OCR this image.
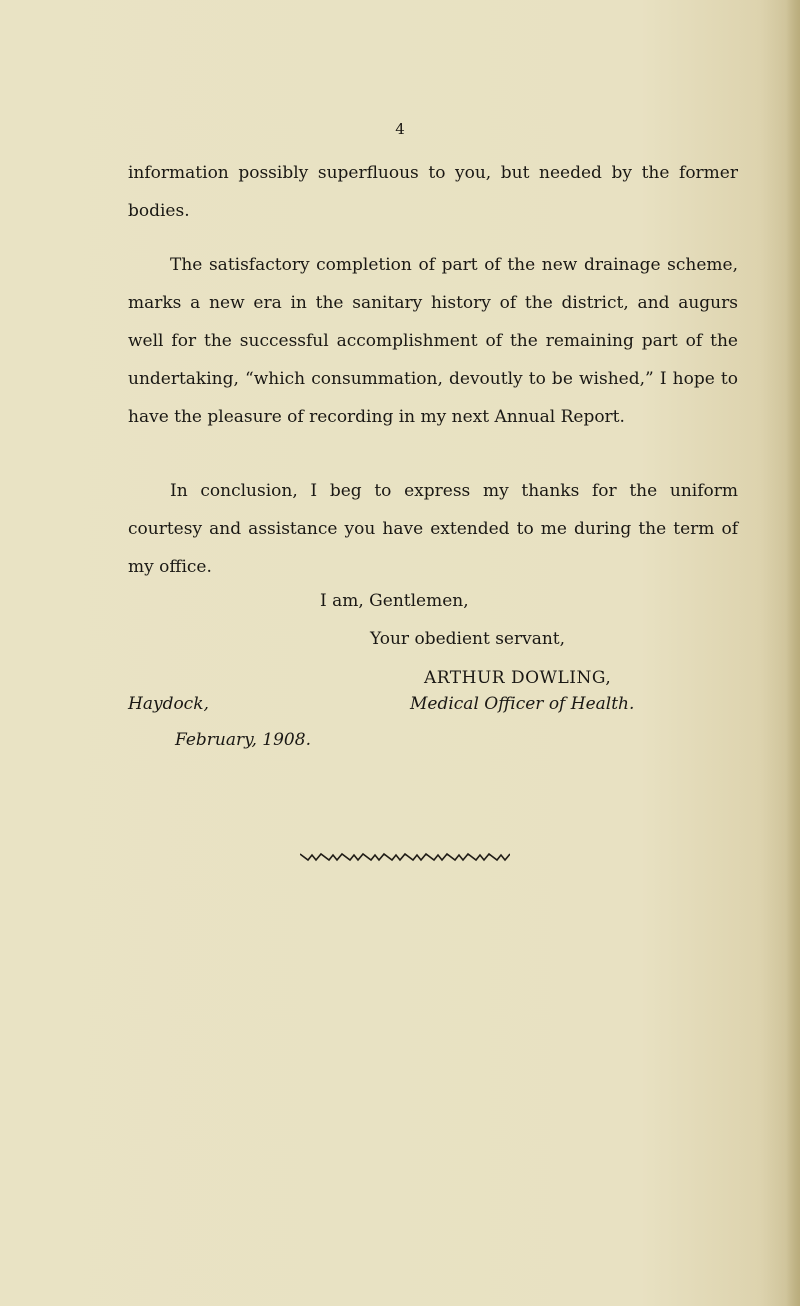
4

information possibly superfluous to you, but needed by the former bodies.

The satisfactory completion of part of the new drainage scheme, marks a new era in the sanitary history of the district, and augurs well for the successful accomplishment of the remaining part of the undertaking, “which consummation, devoutly to be wished,” I hope to have the pleasure of recording in my next Annual Report.

In conclusion, I beg to express my thanks for the uniform courtesy and assistance you have extended to me during the term of my office.

I am, Gentlemen,
Your obedient servant,
ARTHUR DOWLING,
Medical Officer of Health.
Haydock,
February, 1908.
